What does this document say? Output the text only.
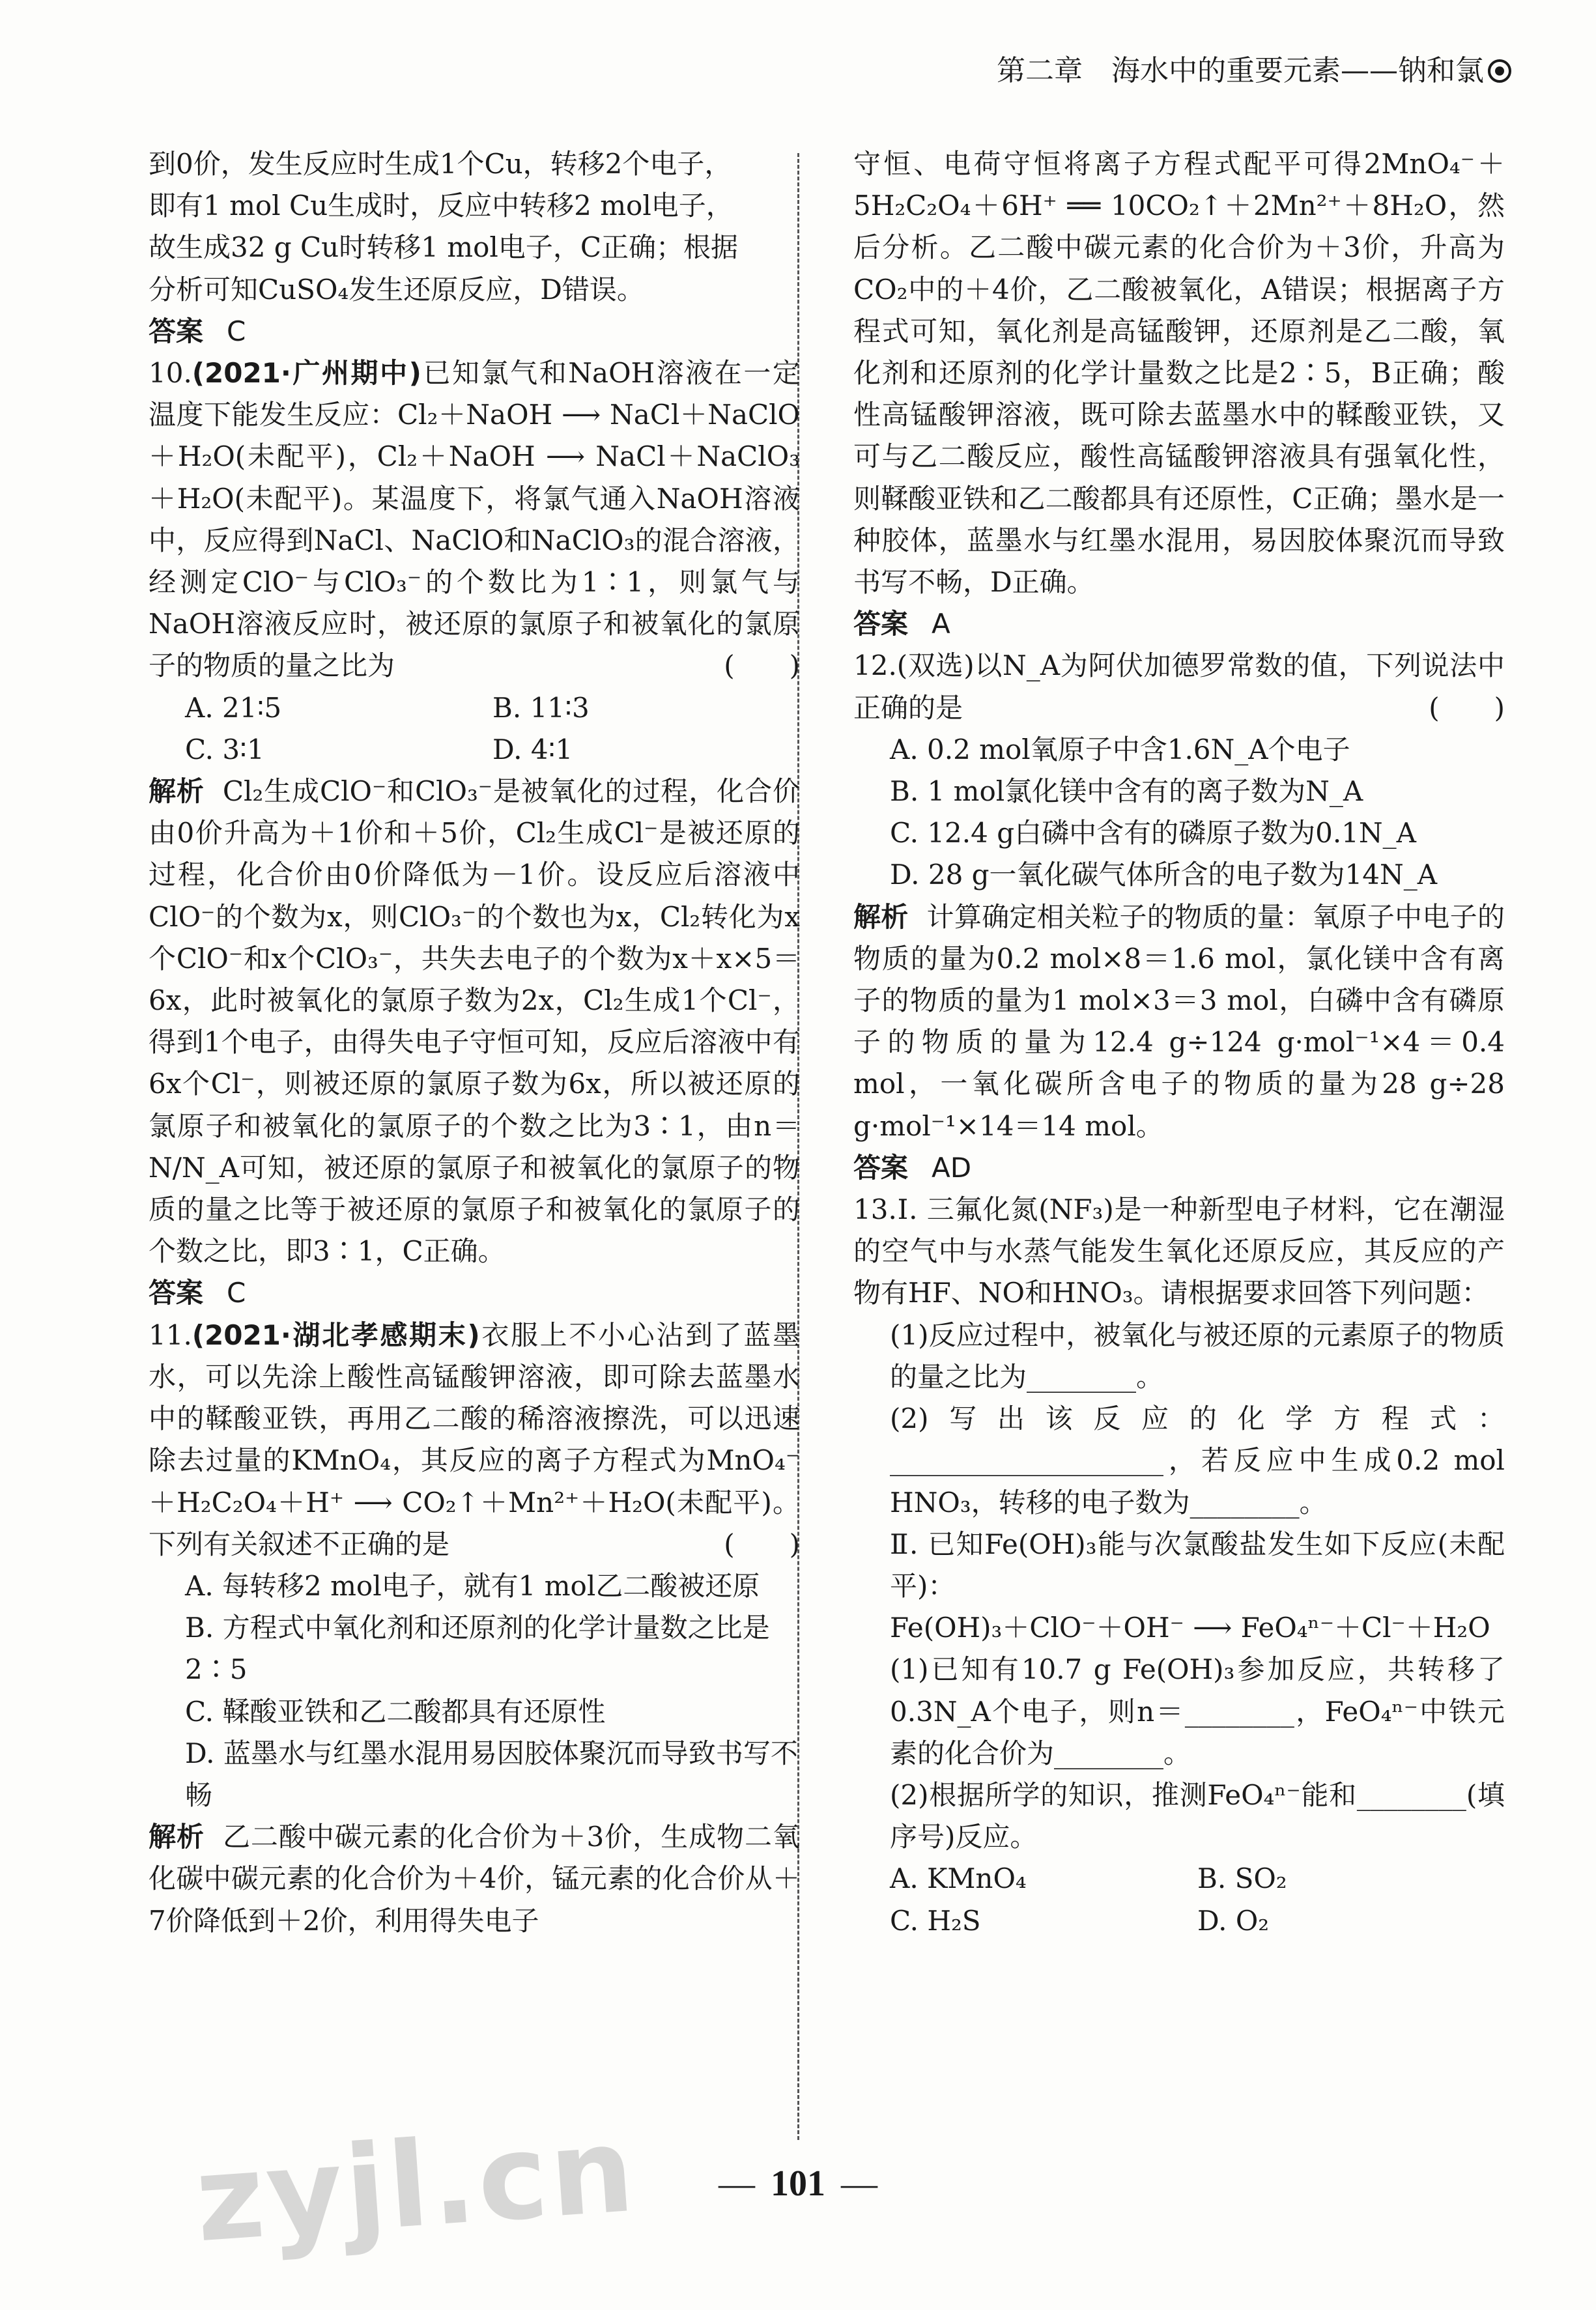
第二章　海水中的重要元素——钠和氯

到0价，发生反应时生成1个Cu，转移2个电子，

即有1 mol Cu生成时，反应中转移2 mol电子，

故生成32 g Cu时转移1 mol电子，C正确；根据

分析可知CuSO₄发生还原反应，D错误。

答案 C

10.(2021·广州期中)已知氯气和NaOH溶液在一定温度下能发生反应：Cl₂＋NaOH ⟶ NaCl＋NaClO＋H₂O(未配平)，Cl₂＋NaOH ⟶ NaCl＋NaClO₃＋H₂O(未配平)。某温度下，将氯气通入NaOH溶液中，反应得到NaCl、NaClO和NaClO₃的混合溶液，经测定ClO⁻与ClO₃⁻的个数比为1∶1，则氯气与NaOH溶液反应时，被还原的氯原子和被氧化的氯原子的物质的量之比为	(　　)

A. 21∶5	B. 11∶3

C. 3∶1	D. 4∶1

解析 Cl₂生成ClO⁻和ClO₃⁻是被氧化的过程，化合价由0价升高为＋1价和＋5价，Cl₂生成Cl⁻是被还原的过程，化合价由0价降低为－1价。设反应后溶液中ClO⁻的个数为x，则ClO₃⁻的个数也为x，Cl₂转化为x个ClO⁻和x个ClO₃⁻，共失去电子的个数为x＋x×5＝6x，此时被氧化的氯原子数为2x，Cl₂生成1个Cl⁻，得到1个电子，由得失电子守恒可知，反应后溶液中有6x个Cl⁻，则被还原的氯原子数为6x，所以被还原的氯原子和被氧化的氯原子的个数之比为3∶1，由n＝N/N_A可知，被还原的氯原子和被氧化的氯原子的物质的量之比等于被还原的氯原子和被氧化的氯原子的个数之比，即3∶1，C正确。

答案 C

11.(2021·湖北孝感期末)衣服上不小心沾到了蓝墨水，可以先涂上酸性高锰酸钾溶液，即可除去蓝墨水中的鞣酸亚铁，再用乙二酸的稀溶液擦洗，可以迅速除去过量的KMnO₄，其反应的离子方程式为MnO₄⁻＋H₂C₂O₄＋H⁺ ⟶ CO₂↑＋Mn²⁺＋H₂O(未配平)。下列有关叙述不正确的是	(　　)

A. 每转移2 mol电子，就有1 mol乙二酸被还原

B. 方程式中氧化剂和还原剂的化学计量数之比是2∶5

C. 鞣酸亚铁和乙二酸都具有还原性

D. 蓝墨水与红墨水混用易因胶体聚沉而导致书写不畅

解析 乙二酸中碳元素的化合价为＋3价，生成物二氧化碳中碳元素的化合价为＋4价，锰元素的化合价从＋7价降低到＋2价，利用得失电子

守恒、电荷守恒将离子方程式配平可得2MnO₄⁻＋5H₂C₂O₄＋6H⁺ ══ 10CO₂↑＋2Mn²⁺＋8H₂O，然后分析。乙二酸中碳元素的化合价为＋3价，升高为CO₂中的＋4价，乙二酸被氧化，A错误；根据离子方程式可知，氧化剂是高锰酸钾，还原剂是乙二酸，氧化剂和还原剂的化学计量数之比是2∶5，B正确；酸性高锰酸钾溶液，既可除去蓝墨水中的鞣酸亚铁，又可与乙二酸反应，酸性高锰酸钾溶液具有强氧化性，则鞣酸亚铁和乙二酸都具有还原性，C正确；墨水是一种胶体，蓝墨水与红墨水混用，易因胶体聚沉而导致书写不畅，D正确。

答案 A

12.(双选)以N_A为阿伏加德罗常数的值，下列说法中正确的是	(　　)

A. 0.2 mol氧原子中含1.6N_A个电子

B. 1 mol氯化镁中含有的离子数为N_A

C. 12.4 g白磷中含有的磷原子数为0.1N_A

D. 28 g一氧化碳气体所含的电子数为14N_A

解析 计算确定相关粒子的物质的量：氧原子中电子的物质的量为0.2 mol×8＝1.6 mol，氯化镁中含有离子的物质的量为1 mol×3＝3 mol，白磷中含有磷原子的物质的量为12.4 g÷124 g·mol⁻¹×4＝0.4 mol，一氧化碳所含电子的物质的量为28 g÷28 g·mol⁻¹×14＝14 mol。

答案 AD

13.Ⅰ. 三氟化氮(NF₃)是一种新型电子材料，它在潮湿的空气中与水蒸气能发生氧化还原反应，其反应的产物有HF、NO和HNO₃。请根据要求回答下列问题：

(1)反应过程中，被氧化与被还原的元素原子的物质的量之比为________。

(2)写出该反应的化学方程式：____________________，若反应中生成0.2 mol HNO₃，转移的电子数为________。

Ⅱ. 已知Fe(OH)₃能与次氯酸盐发生如下反应(未配平)：

Fe(OH)₃＋ClO⁻＋OH⁻ ⟶ FeO₄ⁿ⁻＋Cl⁻＋H₂O

(1)已知有10.7 g Fe(OH)₃参加反应，共转移了0.3N_A个电子，则n＝________，FeO₄ⁿ⁻中铁元素的化合价为________。

(2)根据所学的知识，推测FeO₄ⁿ⁻能和________(填序号)反应。

A. KMnO₄	B. SO₂

C. H₂S	D. O₂

zyjl.cn	— 101 —
